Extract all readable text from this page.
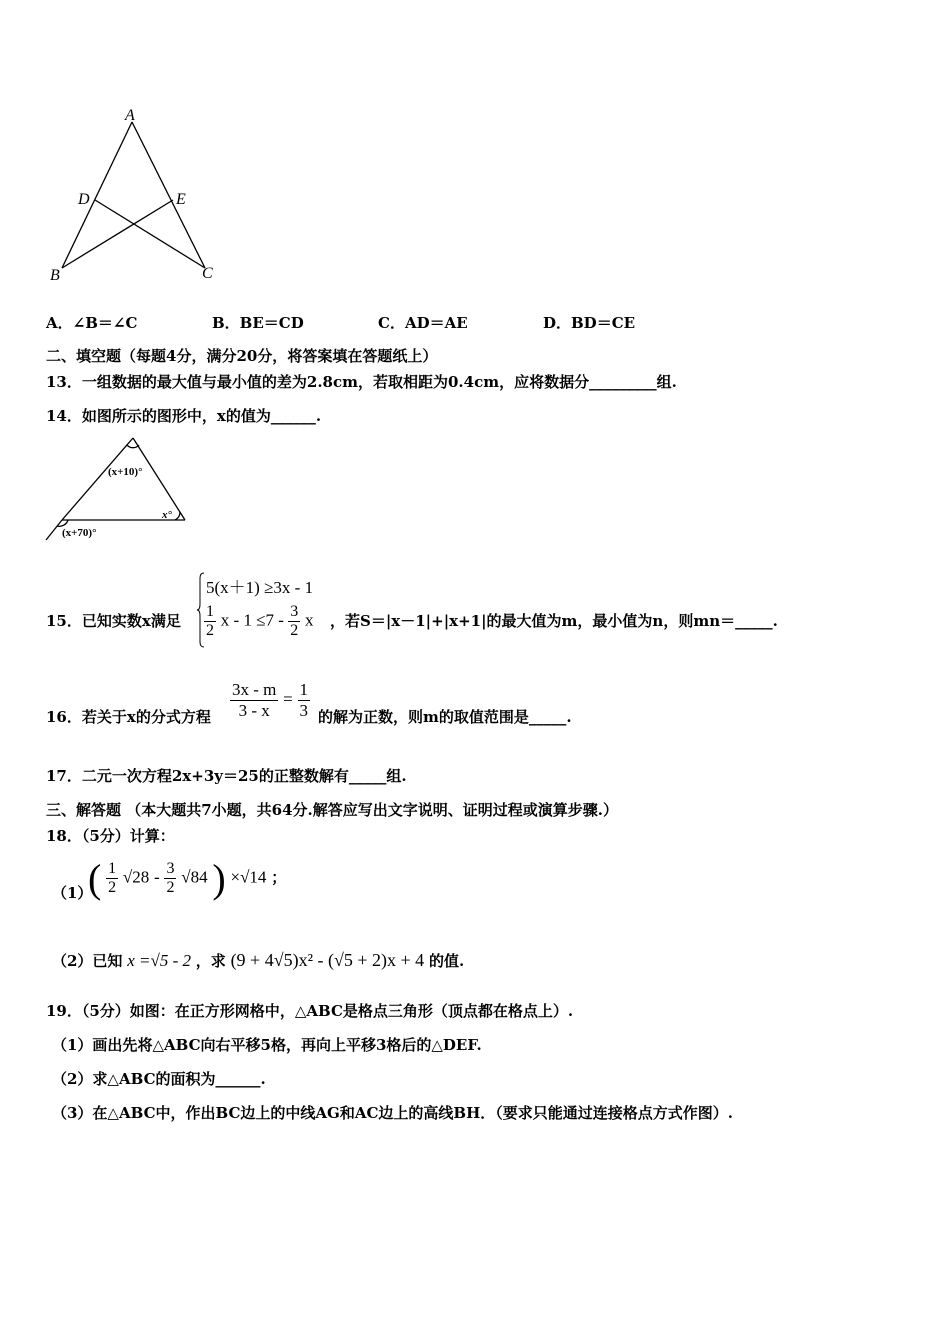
A
D	E
B	C
A．∠B＝∠C	B．BE＝CD	C．AD＝AE	D．BD＝CE
二、填空题（每题4分，满分20分，将答案填在答题纸上）
13．一组数据的最大值与最小值的差为2.8cm，若取相距为0.4cm，应将数据分_________组.
14．如图所示的图形中，x的值为______.
(x+10)°
x°
(x+70)°
15．已知实数x满足
5(x＋1) ≥3x - 1
$\frac{1}{2}$ $x - 1 \le 7 - \frac{3}{2}$ x ，若S＝|x－1|+|x+1|的最大值为m，最小值为n，则mn＝_____.
16．若关于x的分式方程 $\frac{3x - m}{3 - x} = \frac{1}{3}$ 的解为正数，则m的取值范围是_____.
17．二元一次方程2x+3y＝25的正整数解有_____组.
三、解答题 （本大题共7小题，共64分.解答应写出文字说明、证明过程或演算步骤.）
18．（5分）计算：
（1）
( $\frac{1}{2} √28 - \frac{3}{2} √84$ ) ×√14 ；
（2）已知 x =√5 - 2 ，求 (9 + 4√5)x² - (√5 + 2)x + 4 的值.
19．（5分）如图：在正方形网格中，△ABC是格点三角形（顶点都在格点上）.
（1）画出先将△ABC向右平移5格，再向上平移3格后的△DEF.
（2）求△ABC的面积为______.
（3）在△ABC中，作出BC边上的中线AG和AC边上的高线BH．（要求只能通过连接格点方式作图）.
